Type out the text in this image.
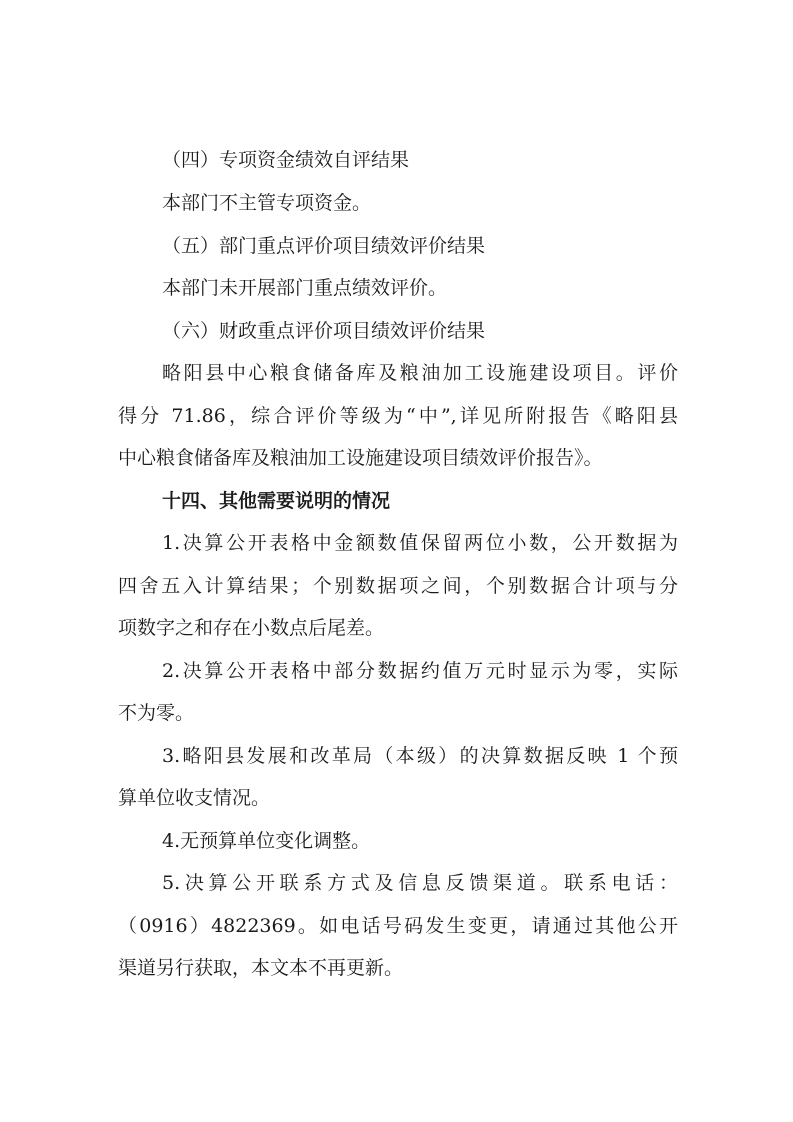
（四）专项资金绩效自评结果
本部门不主管专项资金。
（五）部门重点评价项目绩效评价结果
本部门未开展部门重点绩效评价。
（六）财政重点评价项目绩效评价结果
略阳县中心粮食储备库及粮油加工设施建设项目。评价
得分 71.86，综合评价等级为“中”,详见所附报告《略阳县
中心粮食储备库及粮油加工设施建设项目绩效评价报告》。
十四、其他需要说明的情况
1.决算公开表格中金额数值保留两位小数，公开数据为
四舍五入计算结果；个别数据项之间，个别数据合计项与分
项数字之和存在小数点后尾差。
2.决算公开表格中部分数据约值万元时显示为零，实际
不为零。
3.略阳县发展和改革局（本级）的决算数据反映 1 个预
算单位收支情况。
4.无预算单位变化调整。
5.决算公开联系方式及信息反馈渠道。联系电话：
（0916）4822369。如电话号码发生变更，请通过其他公开
渠道另行获取，本文本不再更新。
